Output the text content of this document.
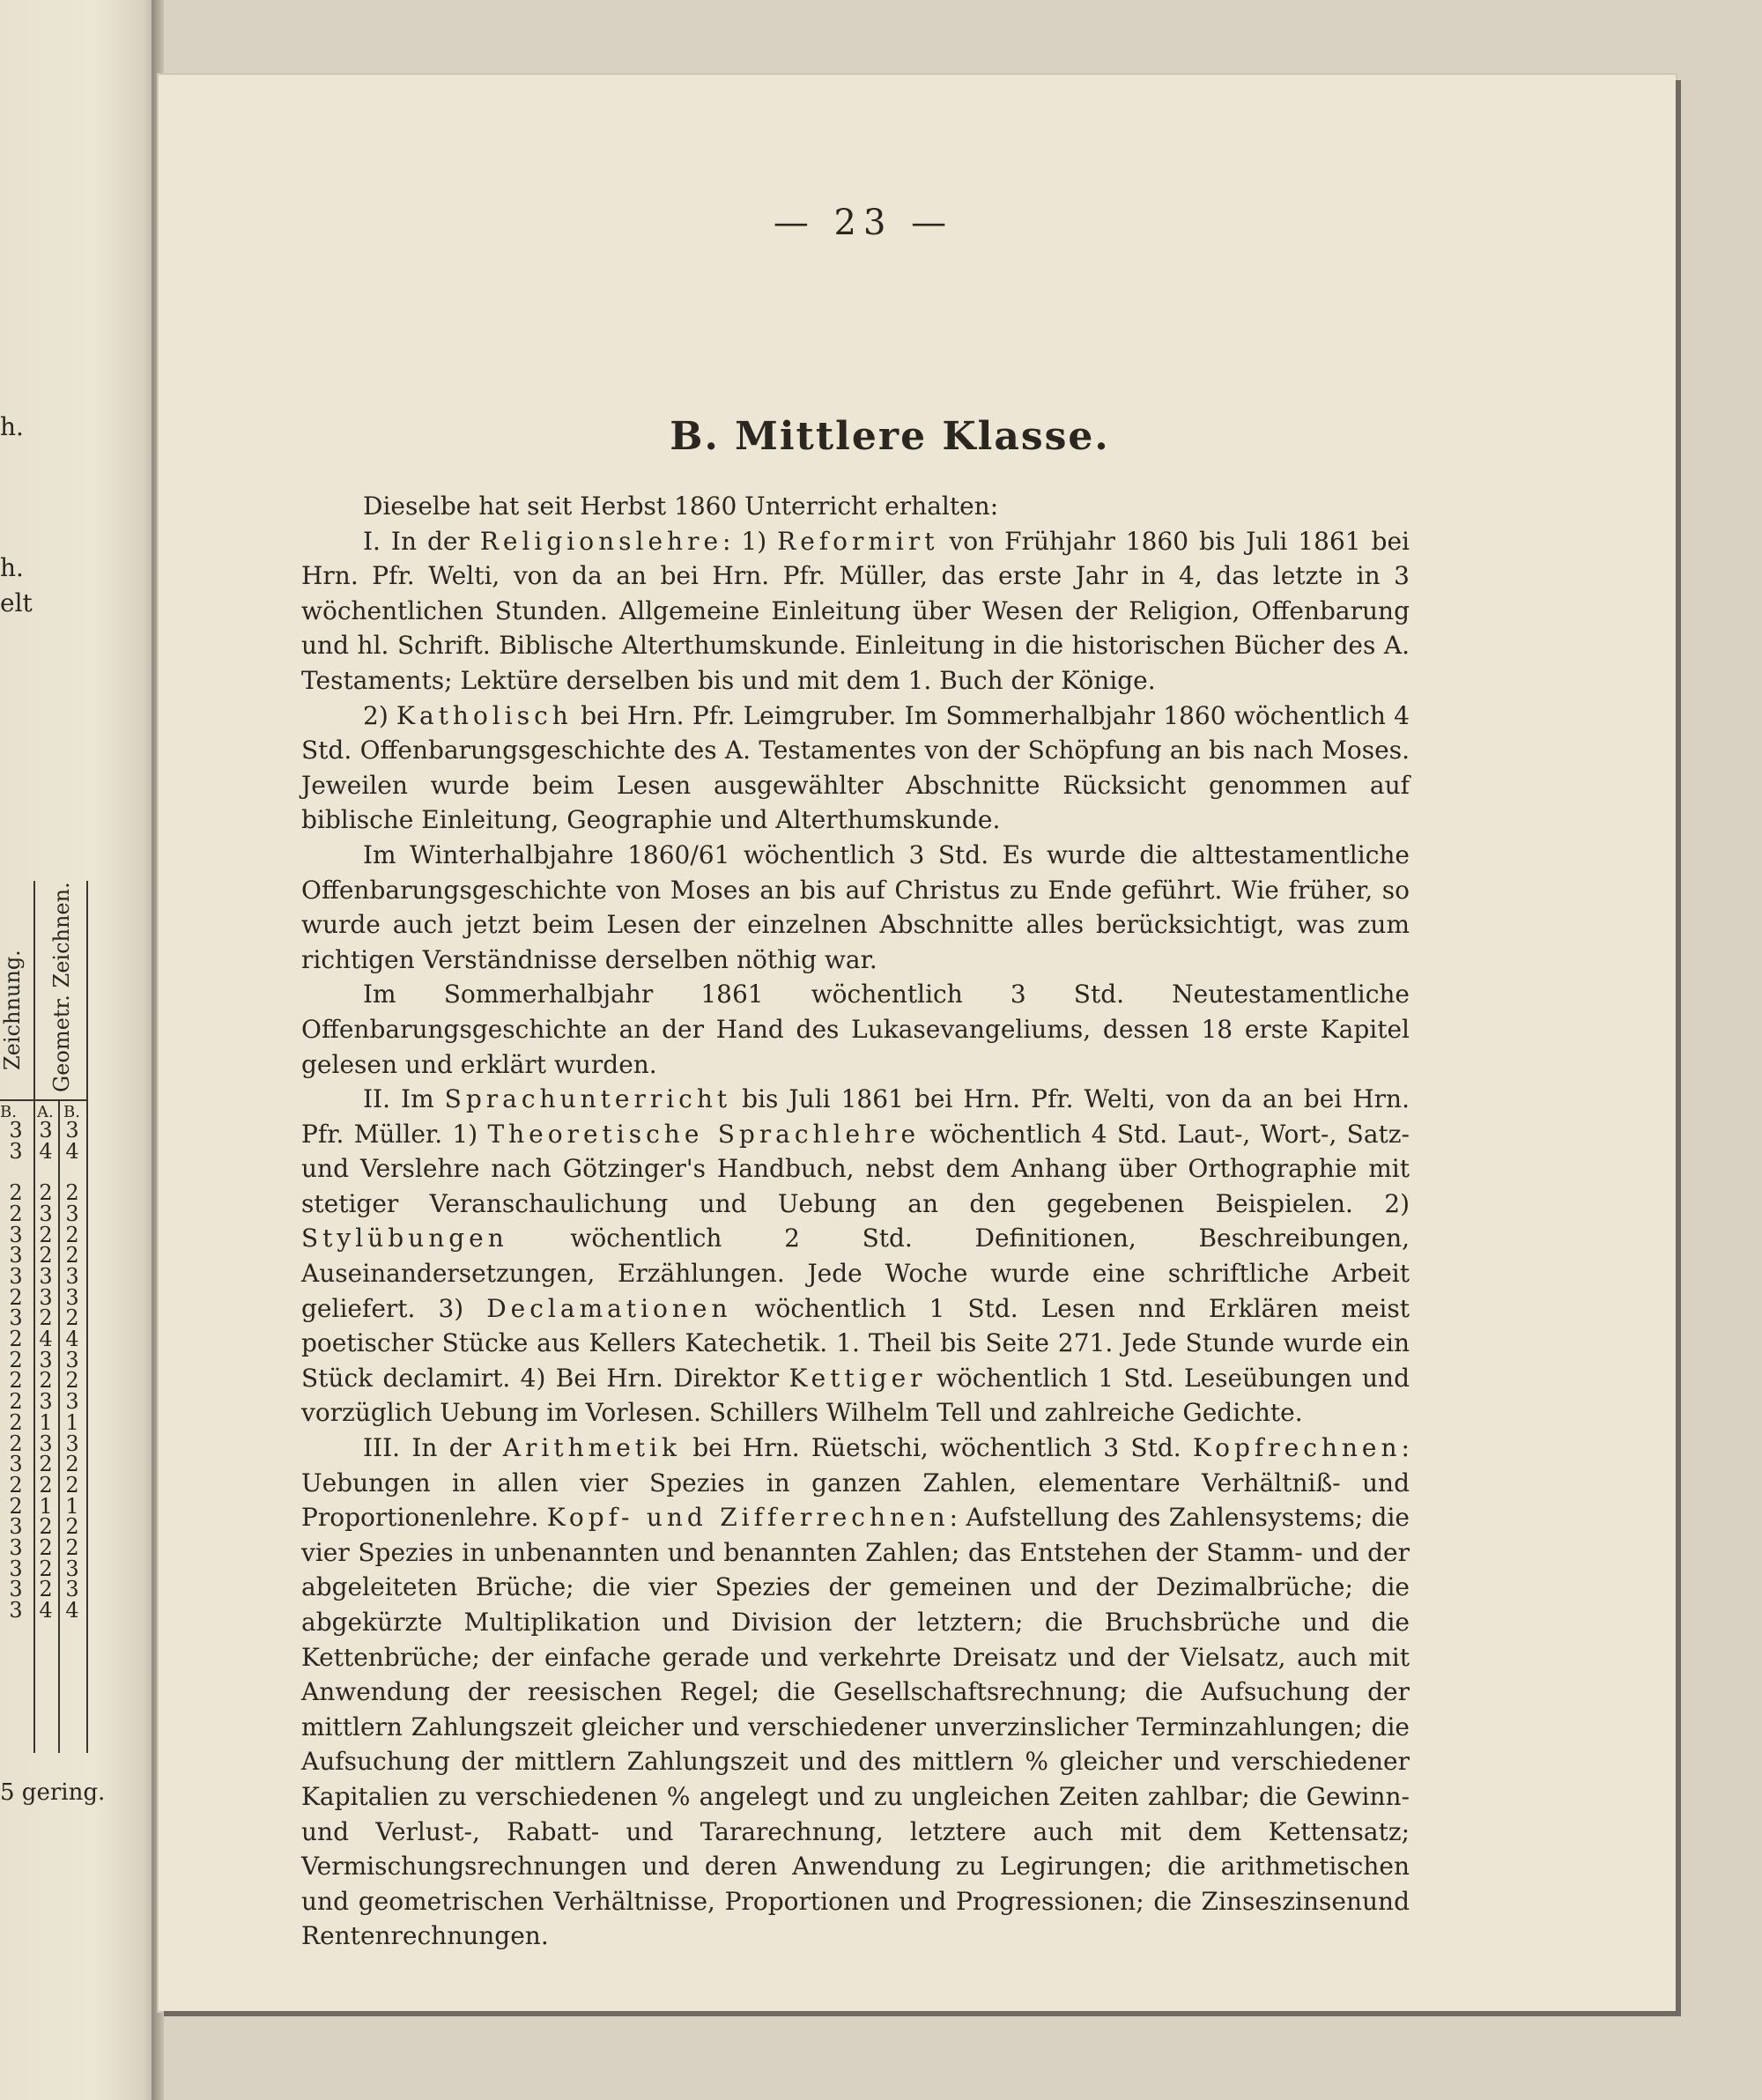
h.
h.
elt
Zeichnung. Geometr. Zeichnen.
B. A. B.
3
3

2
2
3
3
3
2
3
2
2
2
2
2
2
3
2
2
3
3
3
3
3
3
4

2
3
2
2
3
3
2
4
3
2
3
1
3
2
2
1
2
2
2
2
4
3
4

2
3
2
2
3
3
2
4
3
2
3
1
3
2
2
1
2
2
3
3
4
5 gering.
— 23 —
B. Mittlere Klasse.

Dieselbe hat seit Herbst 1860 Unterricht erhalten:

I. In der Religionslehre: 1) Reformirt von Frühjahr 1860 bis Juli 1861 bei Hrn. Pfr. Welti, von da an bei Hrn. Pfr. Müller, das erste Jahr in 4, das letzte in 3 wöchentlichen Stunden. Allgemeine Einleitung über Wesen der Religion, Offenbarung und hl. Schrift. Biblische Alterthumskunde. Einleitung in die historischen Bücher des A. Testaments; Lektüre derselben bis und mit dem 1. Buch der Könige.

2) Katholisch bei Hrn. Pfr. Leimgruber. Im Sommerhalbjahr 1860 wöchentlich 4 Std. Offenbarungsgeschichte des A. Testamentes von der Schöpfung an bis nach Moses. Jeweilen wurde beim Lesen ausgewählter Abschnitte Rücksicht genommen auf biblische Einleitung, Geographie und Alterthumskunde.

Im Winterhalbjahre 1860/61 wöchentlich 3 Std. Es wurde die alttestamentliche Offenbarungsgeschichte von Moses an bis auf Christus zu Ende geführt. Wie früher, so wurde auch jetzt beim Lesen der einzelnen Abschnitte alles berücksichtigt, was zum richtigen Verständnisse derselben nöthig war.

Im Sommerhalbjahr 1861 wöchentlich 3 Std. Neutestamentliche Offenbarungsgeschichte an der Hand des Lukasevangeliums, dessen 18 erste Kapitel gelesen und erklärt wurden.

II. Im Sprachunterricht bis Juli 1861 bei Hrn. Pfr. Welti, von da an bei Hrn. Pfr. Müller. 1) Theoretische Sprachlehre wöchentlich 4 Std. Laut-, Wort-, Satz- und Verslehre nach Götzinger's Handbuch, nebst dem Anhang über Orthographie mit stetiger Veranschaulichung und Uebung an den gegebenen Beispielen. 2) Stylübungen wöchentlich 2 Std. Definitionen, Beschreibungen, Auseinandersetzungen, Erzählungen. Jede Woche wurde eine schriftliche Arbeit geliefert. 3) Declamationen wöchentlich 1 Std. Lesen nnd Erklären meist poetischer Stücke aus Kellers Katechetik. 1. Theil bis Seite 271. Jede Stunde wurde ein Stück declamirt. 4) Bei Hrn. Direktor Kettiger wöchentlich 1 Std. Leseübungen und vorzüglich Uebung im Vorlesen. Schillers Wilhelm Tell und zahlreiche Gedichte.

III. In der Arithmetik bei Hrn. Rüetschi, wöchentlich 3 Std. Kopfrechnen: Uebungen in allen vier Spezies in ganzen Zahlen, elementare Verhältniß- und Proportionenlehre. Kopf- und Zifferrechnen: Aufstellung des Zahlensystems; die vier Spezies in unbenannten und benannten Zahlen; das Entstehen der Stamm- und der abgeleiteten Brüche; die vier Spezies der gemeinen und der Dezimalbrüche; die abgekürzte Multiplikation und Division der letztern; die Bruchsbrüche und die Kettenbrüche; der einfache gerade und verkehrte Dreisatz und der Vielsatz, auch mit Anwendung der reesischen Regel; die Gesellschaftsrechnung; die Aufsuchung der mittlern Zahlungszeit gleicher und verschiedener unverzinslicher Terminzahlungen; die Aufsuchung der mittlern Zahlungszeit und des mittlern % gleicher und verschiedener Kapitalien zu verschiedenen % angelegt und zu ungleichen Zeiten zahlbar; die Gewinn- und Verlust-, Rabatt- und Tararechnung, letztere auch mit dem Kettensatz; Vermischungsrechnungen und deren Anwendung zu Legirungen; die arithmetischen und geometrischen Verhältnisse, Proportionen und Progressionen; die Zinseszinsenund Rentenrechnungen.
